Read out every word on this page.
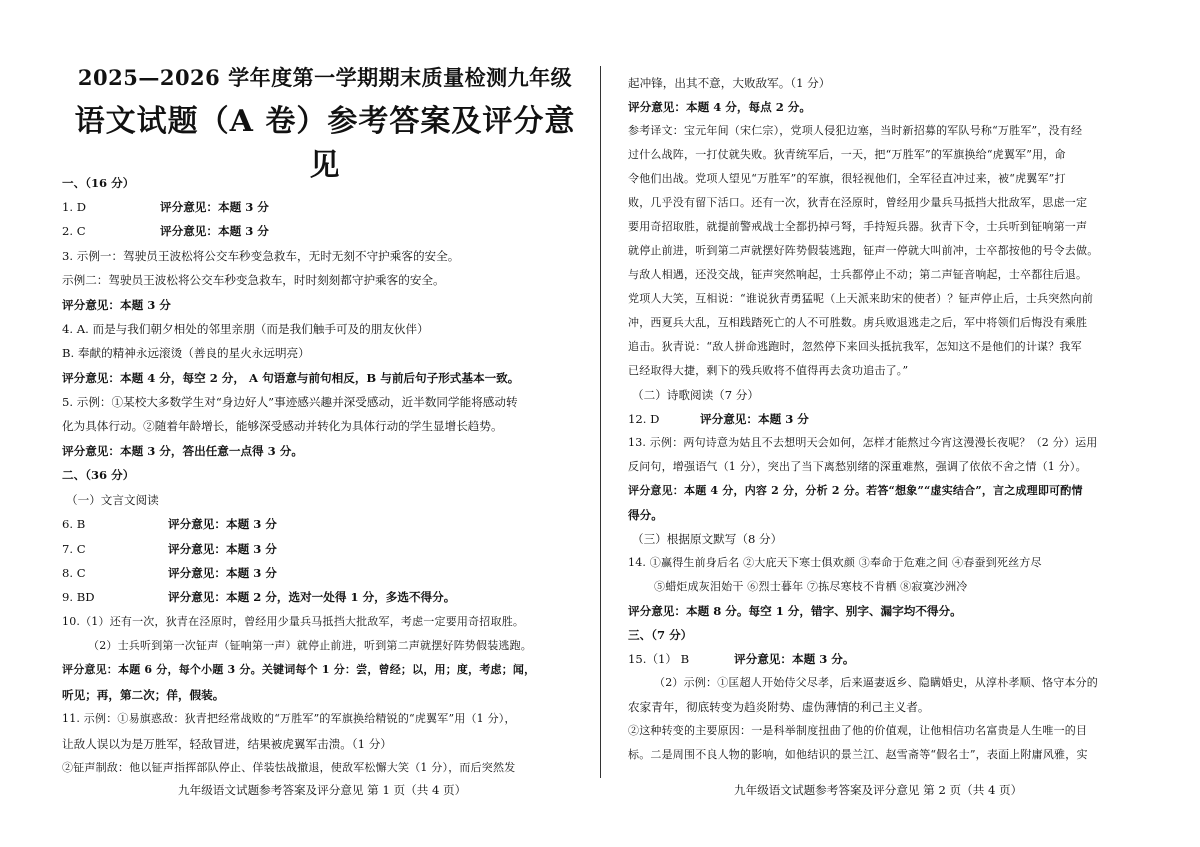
2025—2026 学年度第一学期期末质量检测九年级
语文试题（A 卷）参考答案及评分意见
一、（16 分）
1. D	评分意见：本题 3 分
2. C	评分意见：本题 3 分
3. 示例一：驾驶员王波松将公交车秒变急救车，无时无刻不守护乘客的安全。
示例二：驾驶员王波松将公交车秒变急救车，时时刻刻都守护乘客的安全。
评分意见：本题 3 分
4. A. 而是与我们朝夕相处的邻里亲朋（而是我们触手可及的朋友伙伴）
B. 奉献的精神永远滚烫（善良的星火永远明亮）
评分意见：本题 4 分，每空 2 分， A 句语意与前句相反，B 与前后句子形式基本一致。
5. 示例：①某校大多数学生对“身边好人”事迹感兴趣并深受感动，近半数同学能将感动转
化为具体行动。②随着年龄增长，能够深受感动并转化为具体行动的学生显增长趋势。
评分意见：本题 3 分，答出任意一点得 3 分。
二、（36 分）
（一）文言文阅读
6. B	评分意见：本题 3 分
7. C	评分意见：本题 3 分
8. C	评分意见：本题 3 分
9. BD	评分意见：本题 2 分，选对一处得 1 分，多选不得分。
10.（1）还有一次，狄青在泾原时，曾经用少量兵马抵挡大批敌军，考虑一定要用奇招取胜。
（2）士兵听到第一次钲声（钲响第一声）就停止前进，听到第二声就摆好阵势假装逃跑。
评分意见：本题 6 分，每个小题 3 分。关键词每个 1 分：尝，曾经；以，用；度，考虑；闻，
听见；再，第二次；佯，假装。
11. 示例：①易旗惑敌：狄青把经常战败的“万胜军”的军旗换给精锐的“虎翼军”用（1 分），
让敌人误以为是万胜军，轻敌冒进，结果被虎翼军击溃。（1 分）
②钲声制敌：他以钲声指挥部队停止、佯装怯战撤退，使敌军松懈大笑（1 分），而后突然发
起冲锋，出其不意，大败敌军。（1 分）
评分意见：本题 4 分，每点 2 分。
参考译文：宝元年间（宋仁宗），党项人侵犯边塞，当时新招募的军队号称“万胜军”，没有经
过什么战阵，一打仗就失败。狄青统军后，一天，把“万胜军”的军旗换给“虎翼军”用，命
令他们出战。党项人望见“万胜军”的军旗，很轻视他们，全军径直冲过来，被“虎翼军”打
败，几乎没有留下活口。还有一次，狄青在泾原时，曾经用少量兵马抵挡大批敌军，思虑一定
要用奇招取胜，就提前警戒战士全都扔掉弓弩，手持短兵器。狄青下令，士兵听到钲响第一声
就停止前进，听到第二声就摆好阵势假装逃跑，钲声一停就大叫前冲，士卒都按他的号令去做。
与敌人相遇，还没交战，钲声突然响起，士兵都停止不动；第二声钲音响起，士卒都往后退。
党项人大笑，互相说：“谁说狄青勇猛呢（上天派来助宋的使者）？钲声停止后，士兵突然向前
冲，西夏兵大乱，互相践踏死亡的人不可胜数。虏兵败退逃走之后，军中将领们后悔没有乘胜
追击。狄青说：“敌人拼命逃跑时，忽然停下来回头抵抗我军，怎知这不是他们的计谋？我军
已经取得大捷，剩下的残兵败将不值得再去贪功追击了。”
（二）诗歌阅读（7 分）
12. D	评分意见：本题 3 分
13. 示例：两句诗意为姑且不去想明天会如何，怎样才能熬过今宵这漫漫长夜呢？（2 分）运用
反问句，增强语气（1 分），突出了当下离愁别绪的深重难熬，强调了依依不舍之情（1 分）。
评分意见：本题 4 分，内容 2 分，分析 2 分。若答“想象”“虚实结合”，言之成理即可酌情
得分。
（三）根据原文默写（8 分）
14. ①赢得生前身后名 ②大庇天下寒士俱欢颜 ③奉命于危难之间 ④春蚕到死丝方尽
⑤蜡炬成灰泪始干 ⑥烈士暮年 ⑦拣尽寒枝不肯栖 ⑧寂寞沙洲冷
评分意见：本题 8 分。每空 1 分，错字、别字、漏字均不得分。
三、（7 分）
15.（1） B	评分意见：本题 3 分。
（2）示例：①匡超人开始侍父尽孝，后来逼妻返乡、隐瞒婚史，从淳朴孝顺、恪守本分的
农家青年，彻底转变为趋炎附势、虚伪薄情的利己主义者。
②这种转变的主要原因：一是科举制度扭曲了他的价值观，让他相信功名富贵是人生唯一的目
标。二是周围不良人物的影响，如他结识的景兰江、赵雪斋等“假名士”，表面上附庸风雅，实
九年级语文试题参考答案及评分意见 第 1 页（共 4 页）	九年级语文试题参考答案及评分意见 第 2 页（共 4 页）
